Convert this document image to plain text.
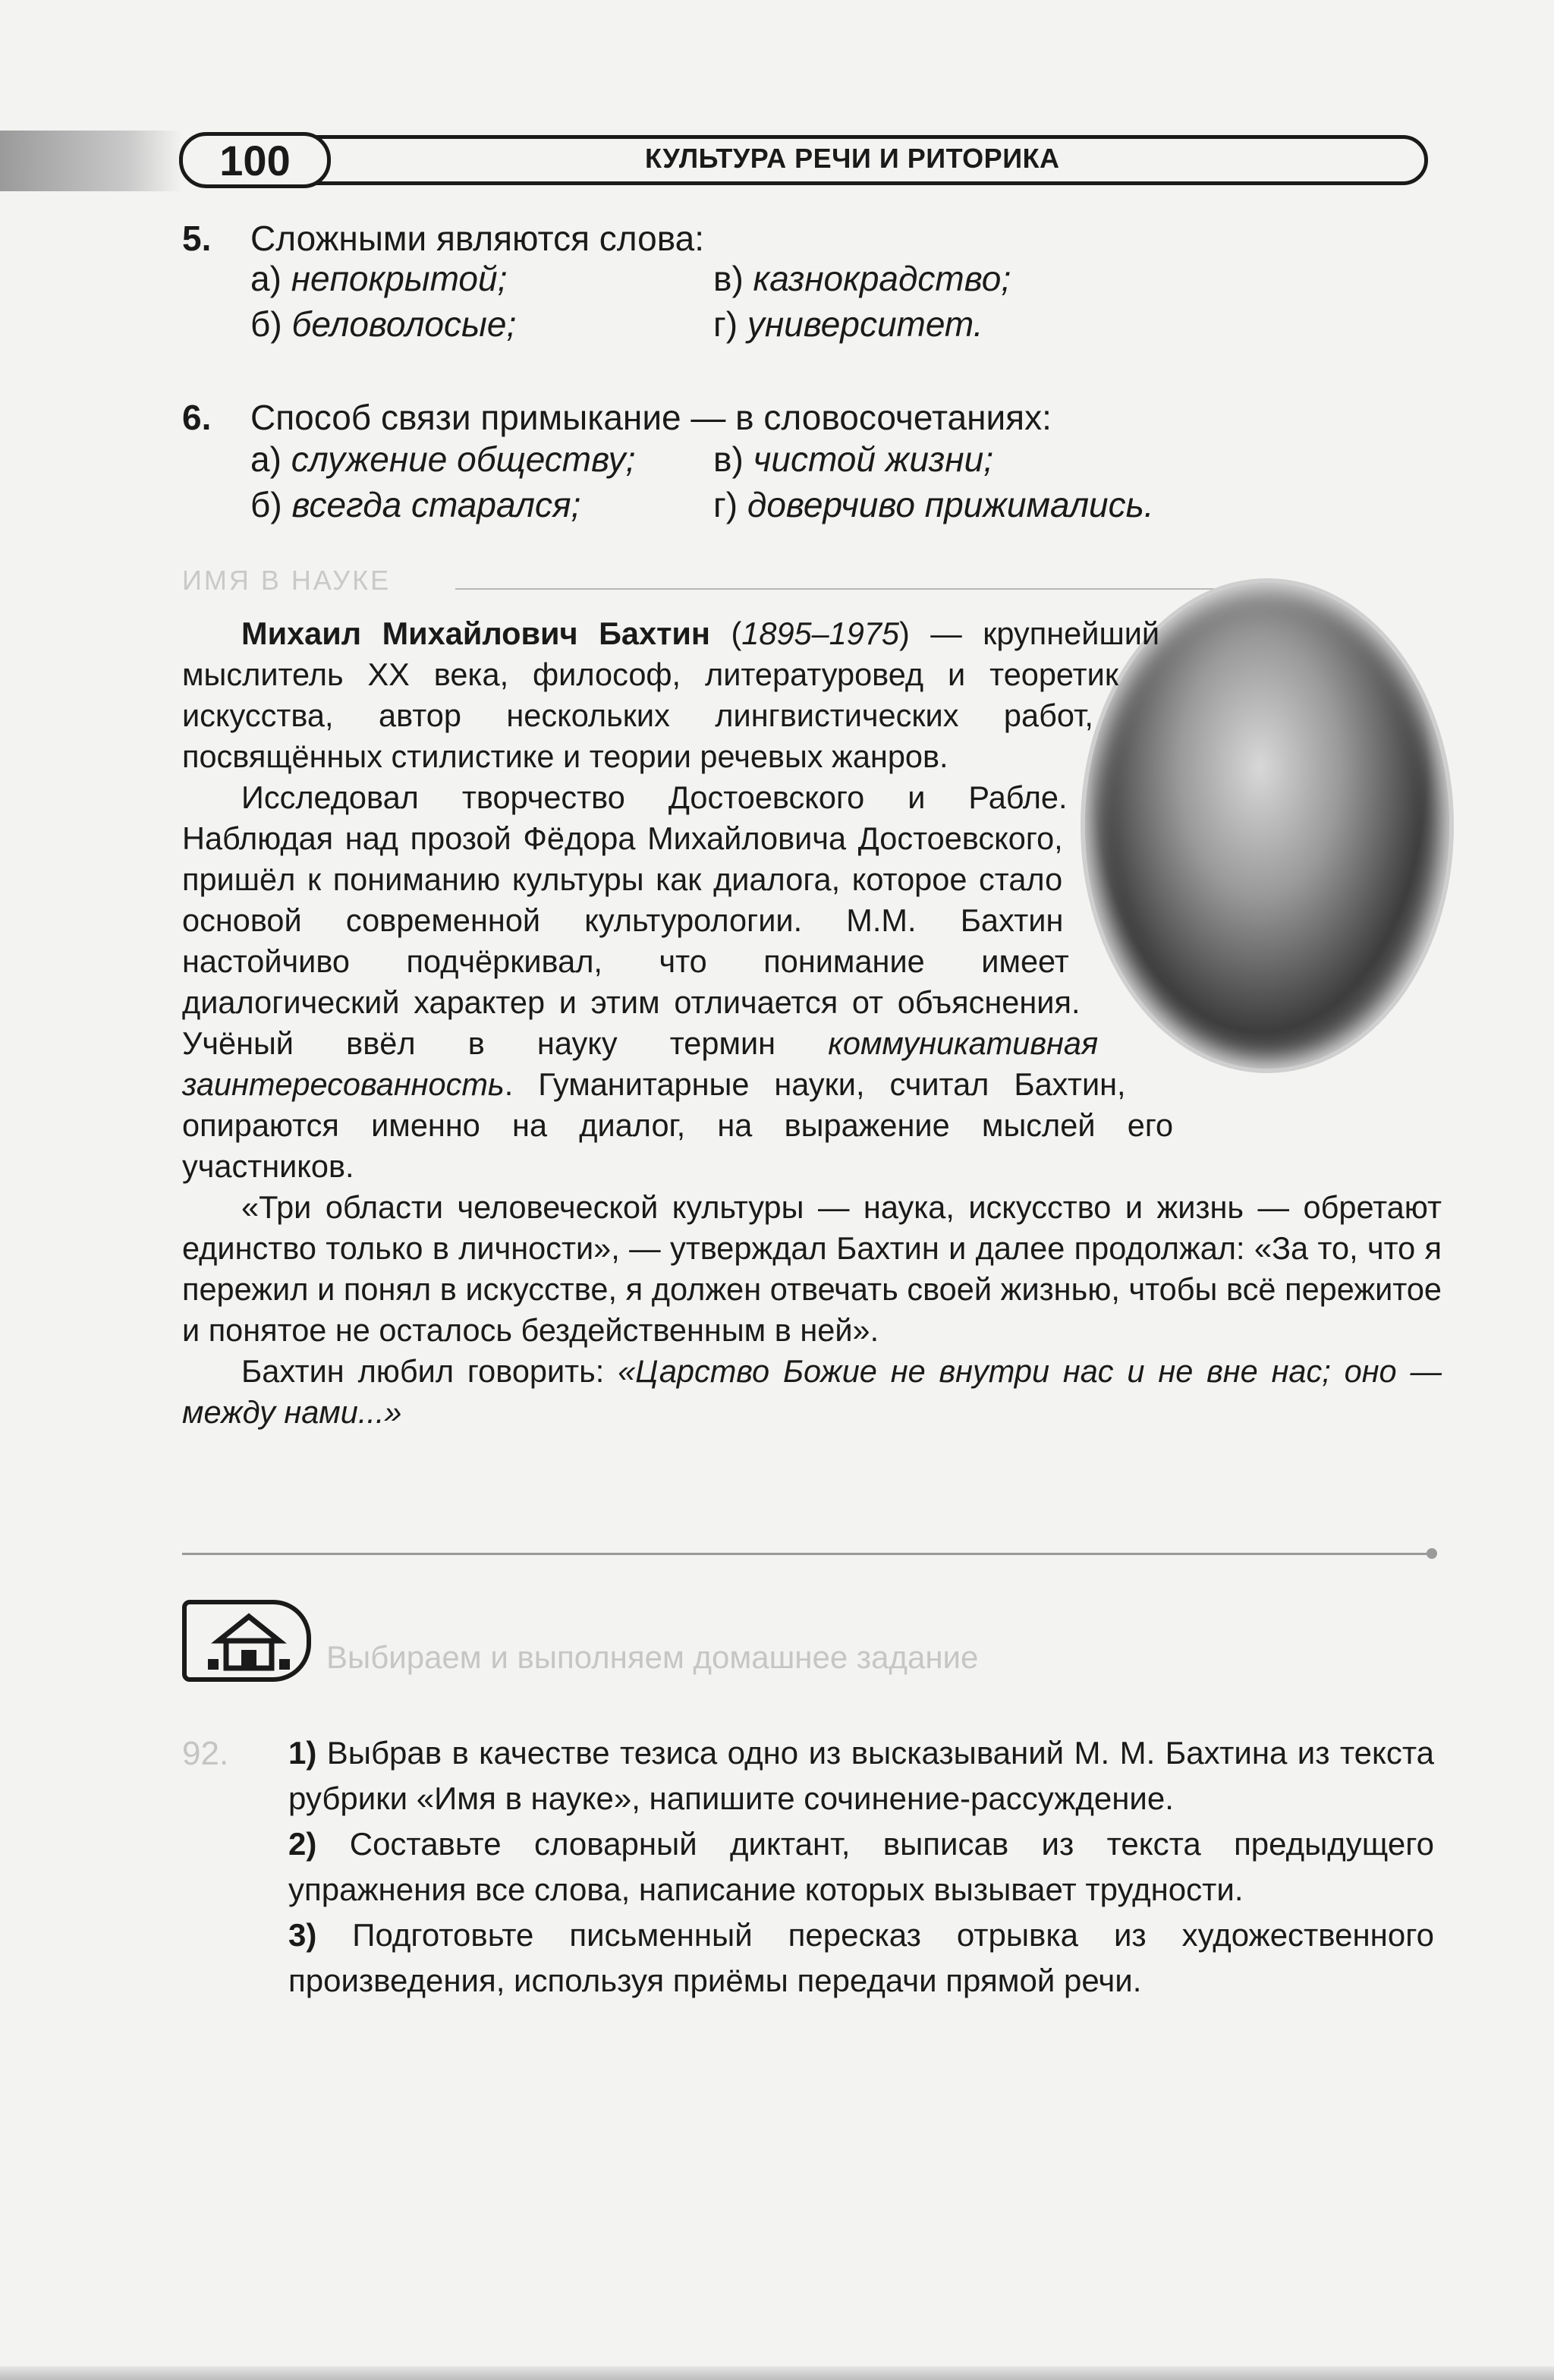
100	КУЛЬТУРА РЕЧИ И РИТОРИКА
5. Сложными являются слова:
а) непокрытой;	в) казнокрадство;
б) беловолосые;	г) университет.
6. Способ связи примыкание — в словосочетаниях:
а) служение обществу; в) чистой жизни;
б) всегда старался;	г) доверчиво прижимались.
ИМЯ В НАУКЕ

Михаил Михайлович Бахтин (1895–1975) — крупнейший мыслитель XX века, философ, литературовед и теоретик искусства, автор нескольких лингвистических работ, посвящённых стилистике и теории речевых жанров.

Исследовал творчество Достоевского и Рабле. Наблюдая над прозой Фёдора Михайловича Достоевского, пришёл к пониманию культуры как диалога, которое стало основой современной культурологии. М.М. Бахтин настойчиво подчёркивал, что понимание имеет диалогический характер и этим отличается от объяснения. Учёный ввёл в науку термин коммуникативная заинтересованность. Гуманитарные науки, считал Бахтин, опираются именно на диалог, на выражение мыслей его участников.

«Три области человеческой культуры — наука, искусство и жизнь — обретают единство только в личности», — утверждал Бахтин и далее продолжал: «За то, что я пережил и понял в искусстве, я должен отвечать своей жизнью, чтобы всё пережитое и понятое не осталось бездейственным в ней».

Бахтин любил говорить: «Царство Божие не внутри нас и не вне нас; оно — между нами...»

Выбираем и выполняем домашнее задание
92. 1) Выбрав в качестве тезиса одно из высказываний М. М. Бахтина из текста рубрики «Имя в науке», напишите сочинение-рассуждение.

2) Составьте словарный диктант, выписав из текста предыдущего упражнения все слова, написание которых вызывает трудности.

3) Подготовьте письменный пересказ отрывка из художественного произведения, используя приёмы передачи прямой речи.
